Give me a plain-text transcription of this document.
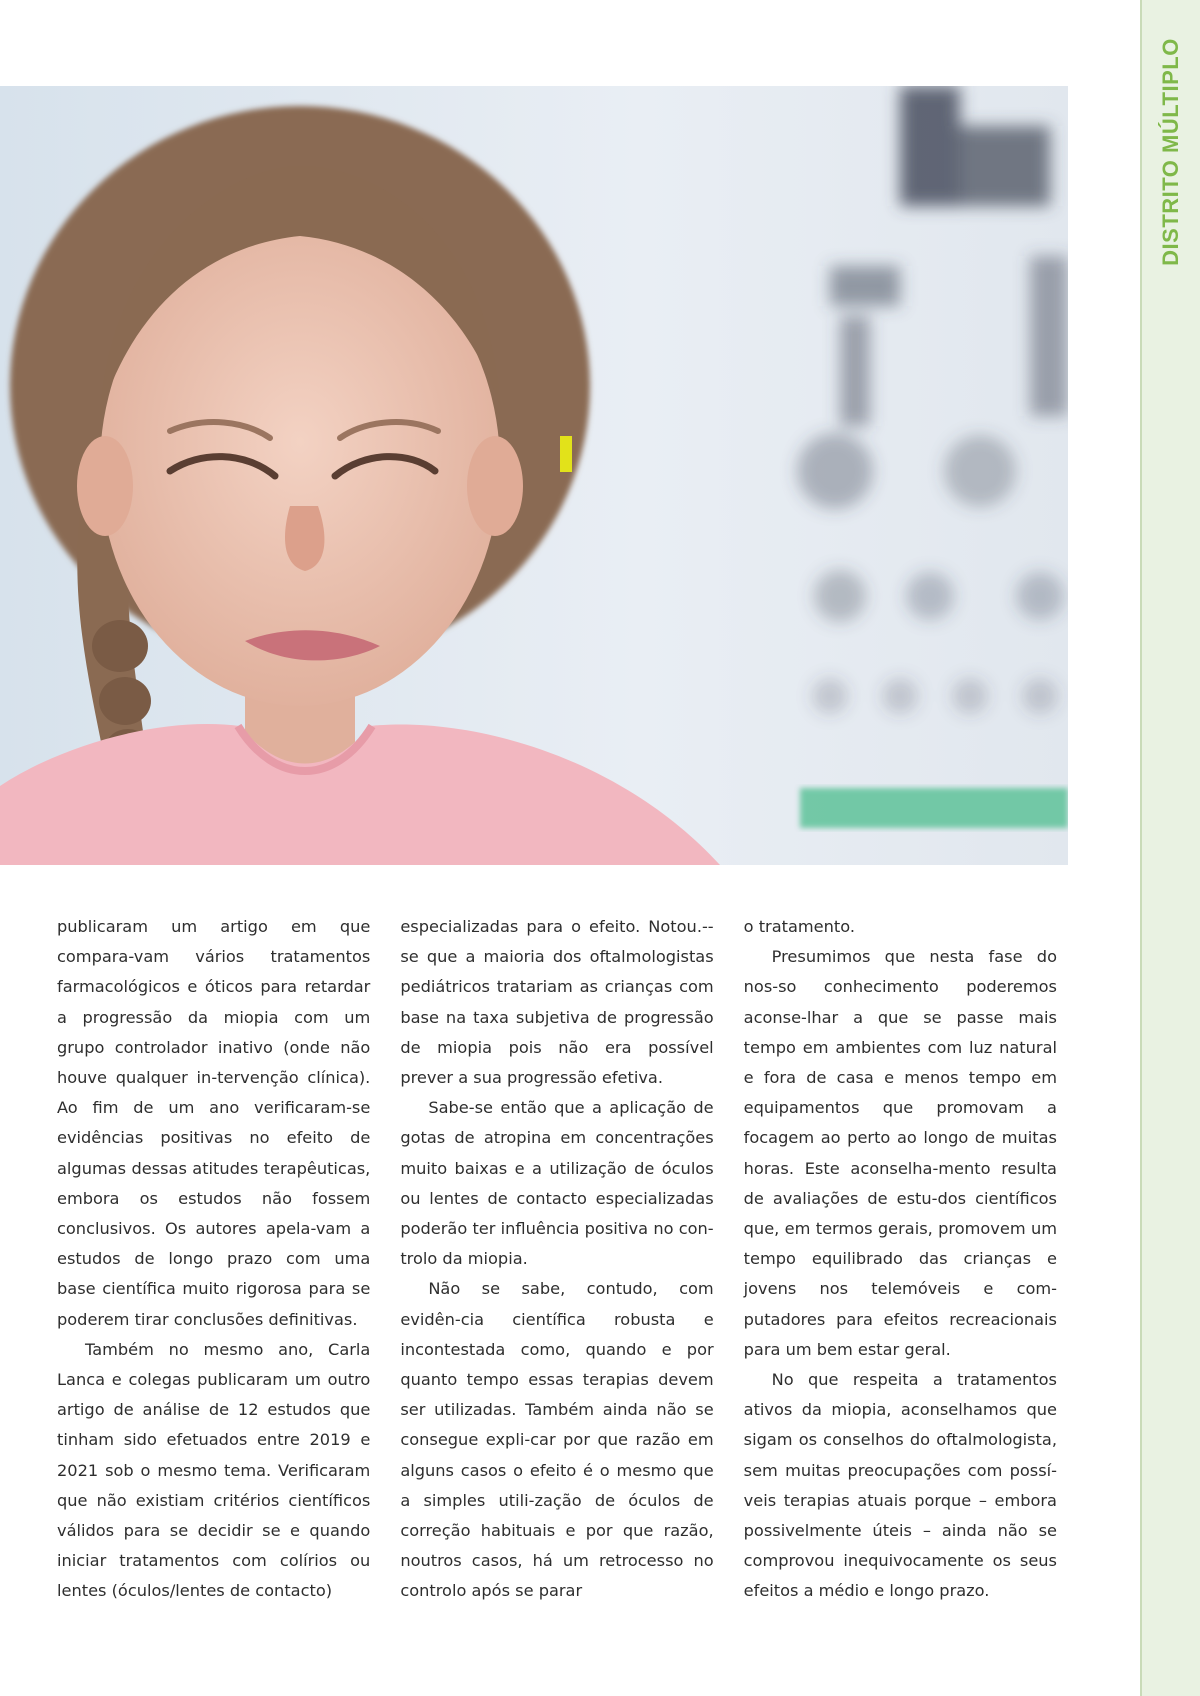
DISTRITO MÚLTIPLO

publicaram um artigo em que compara-vam vários tratamentos farmacológicos e óticos para retardar a progressão da miopia com um grupo controlador inativo (onde não houve qualquer in-tervenção clínica). Ao fim de um ano verificaram-se evidências positivas no efeito de algumas dessas atitudes terapêuticas, embora os estudos não fossem conclusivos. Os autores apela-vam a estudos de longo prazo com uma base científica muito rigorosa para se poderem tirar conclusões definitivas.

Também no mesmo ano, Carla Lanca e colegas publicaram um outro artigo de análise de 12 estudos que tinham sido efetuados entre 2019 e 2021 sob o mesmo tema. Verificaram que não existiam critérios científicos válidos para se decidir se e quando iniciar tratamentos com colírios ou lentes (óculos/lentes de contacto)

especializadas para o efeito. Notou.--se que a maioria dos oftalmologistas pediátricos tratariam as crianças com base na taxa subjetiva de progressão de miopia pois não era possível prever a sua progressão efetiva.

Sabe-se então que a aplicação de gotas de atropina em concentrações muito baixas e a utilização de óculos ou lentes de contacto especializadas poderão ter influência positiva no con-trolo da miopia.

Não se sabe, contudo, com evidên-cia científica robusta e incontestada como, quando e por quanto tempo essas terapias devem ser utilizadas. Também ainda não se consegue expli-car por que razão em alguns casos o efeito é o mesmo que a simples utili-zação de óculos de correção habituais e por que razão, noutros casos, há um retrocesso no controlo após se parar

o tratamento.

Presumimos que nesta fase do nos-so conhecimento poderemos aconse-lhar a que se passe mais tempo em ambientes com luz natural e fora de casa e menos tempo em equipamentos que promovam a focagem ao perto ao longo de muitas horas. Este aconselha-mento resulta de avaliações de estu-dos científicos que, em termos gerais, promovem um tempo equilibrado das crianças e jovens nos telemóveis e com-putadores para efeitos recreacionais para um bem estar geral.

No que respeita a tratamentos ativos da miopia, aconselhamos que sigam os conselhos do oftalmologista, sem muitas preocupações com possí-veis terapias atuais porque – embora possivelmente úteis – ainda não se comprovou inequivocamente os seus efeitos a médio e longo prazo.
